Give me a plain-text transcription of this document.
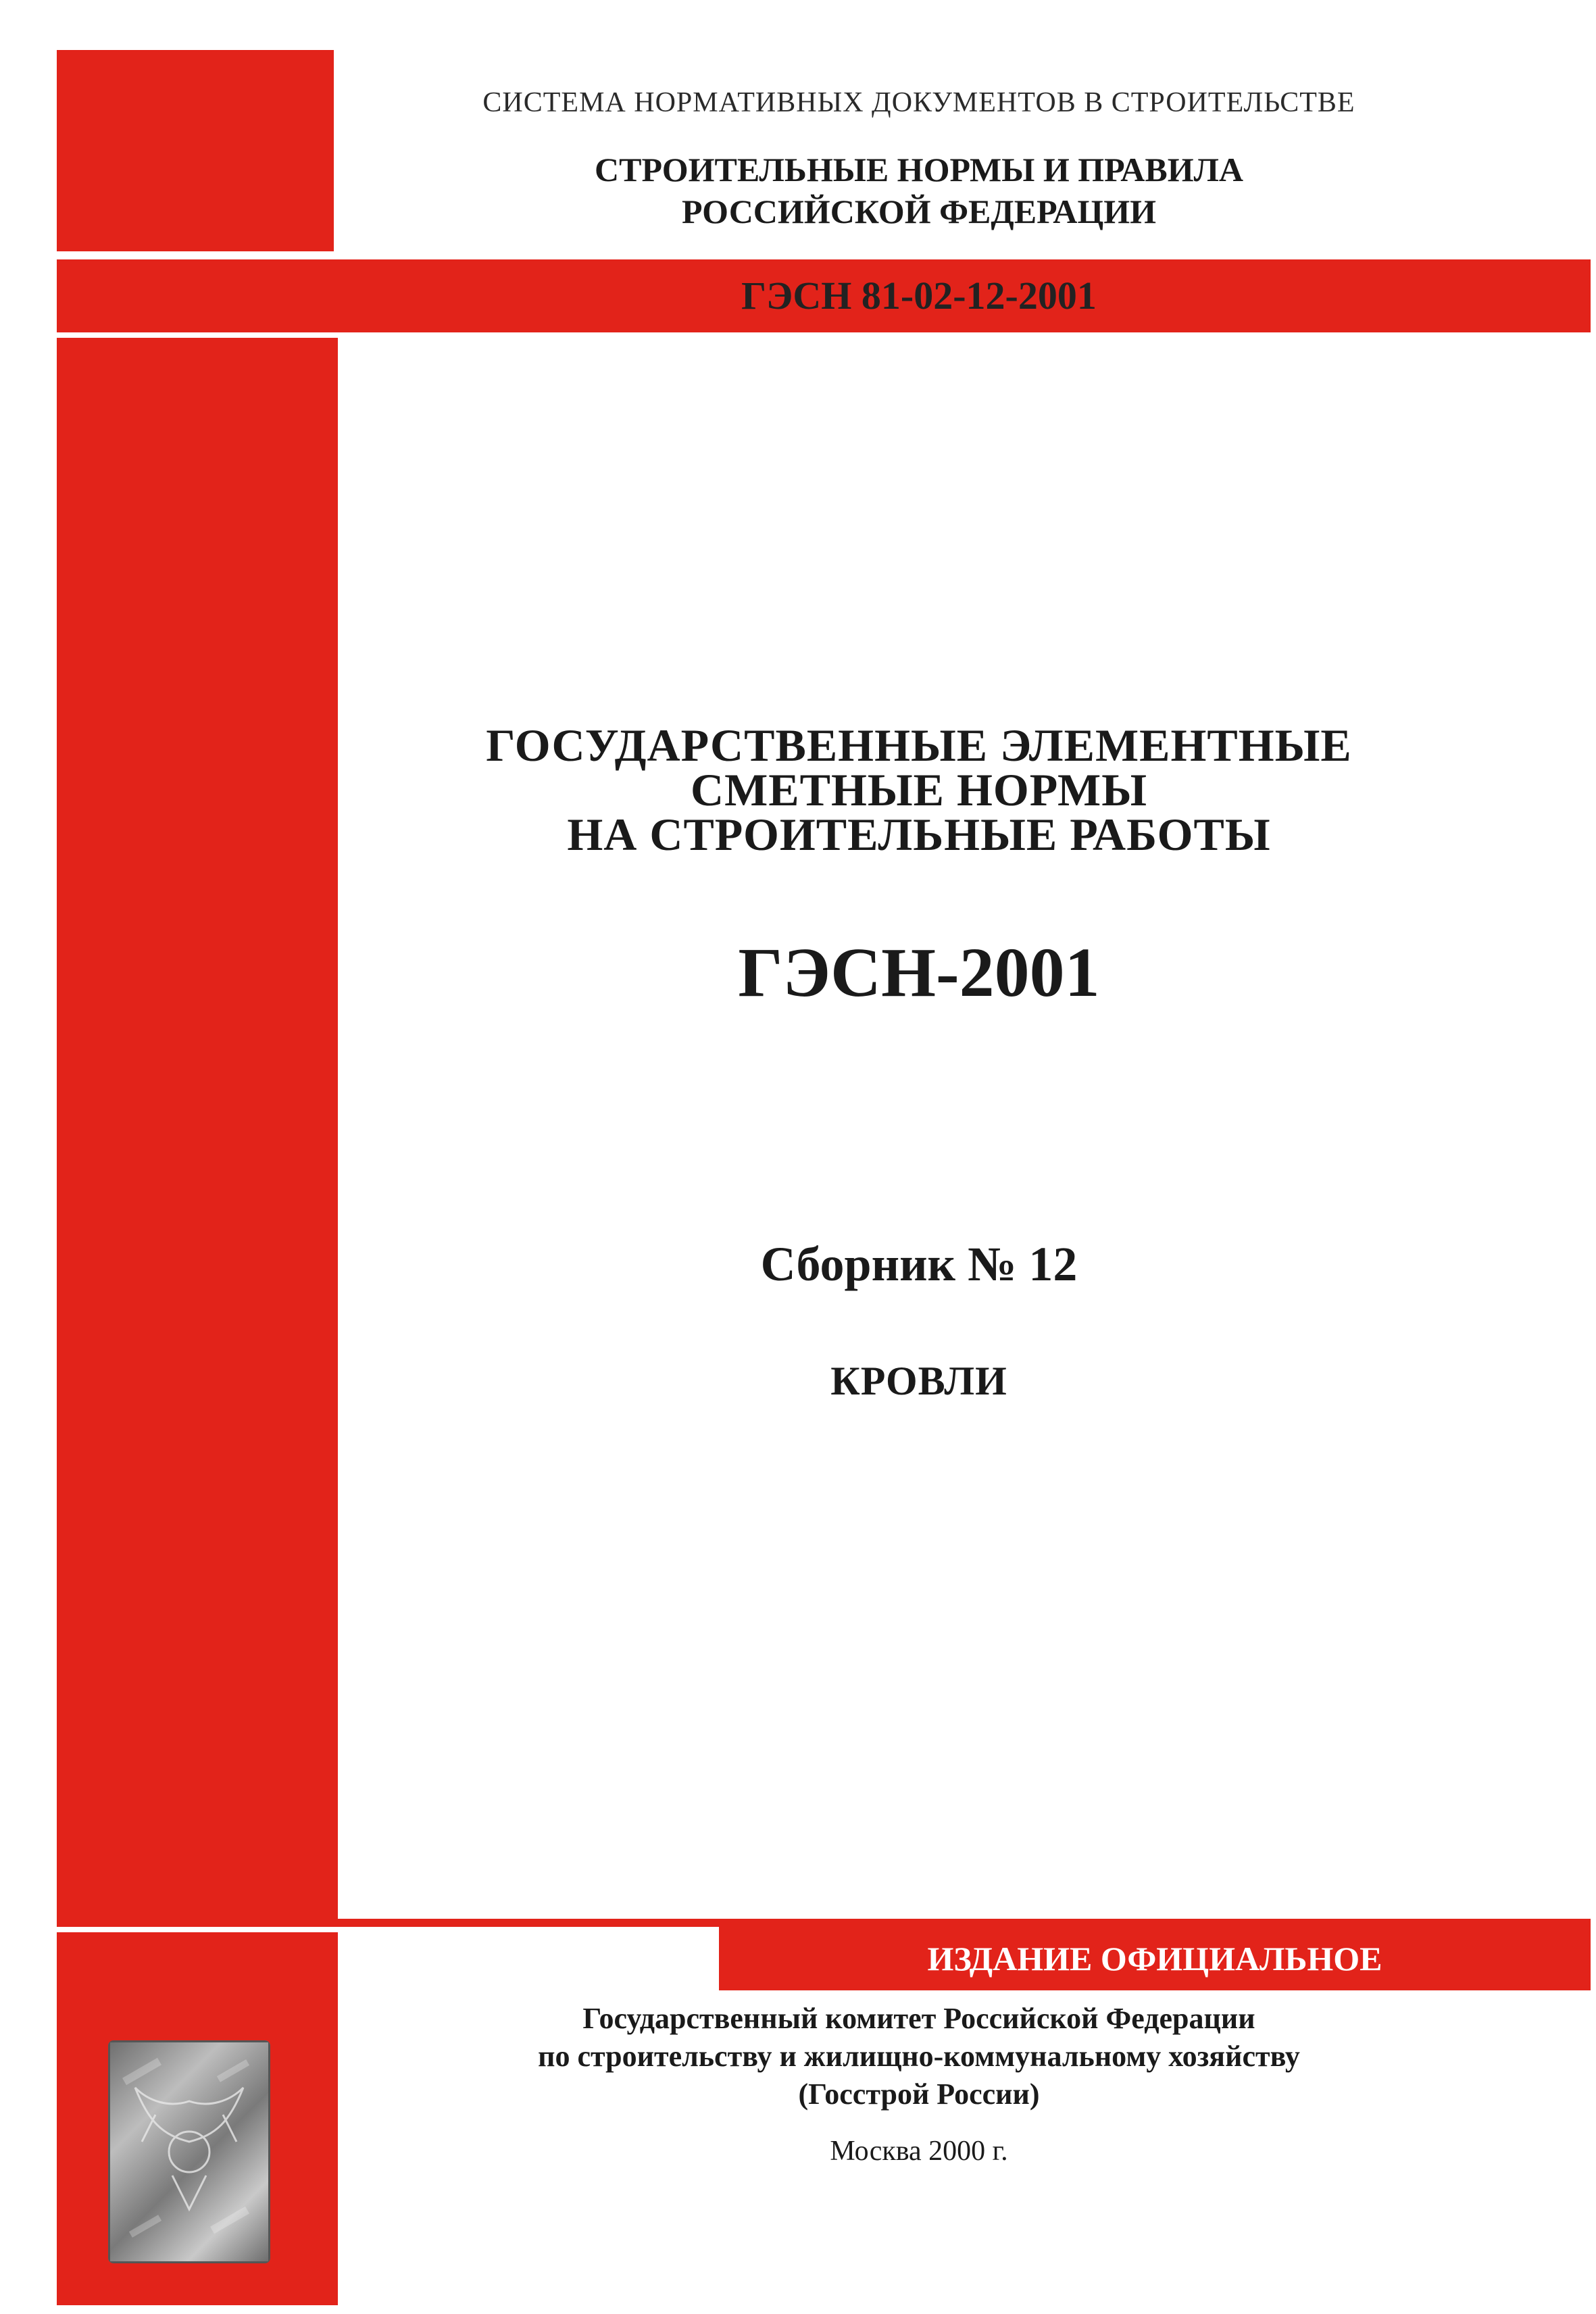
СИСТЕМА НОРМАТИВНЫХ ДОКУМЕНТОВ В СТРОИТЕЛЬСТВЕ
СТРОИТЕЛЬНЫЕ НОРМЫ И ПРАВИЛА
РОССИЙСКОЙ ФЕДЕРАЦИИ
ГЭСН 81-02-12-2001
ГОСУДАРСТВЕННЫЕ ЭЛЕМЕНТНЫЕ
СМЕТНЫЕ НОРМЫ
НА СТРОИТЕЛЬНЫЕ РАБОТЫ
ГЭСН-2001
Сборник № 12
КРОВЛИ
ИЗДАНИЕ ОФИЦИАЛЬНОЕ
Государственный комитет Российской Федерации
по строительству и жилищно-коммунальному хозяйству
(Госстрой России)
Москва 2000 г.
